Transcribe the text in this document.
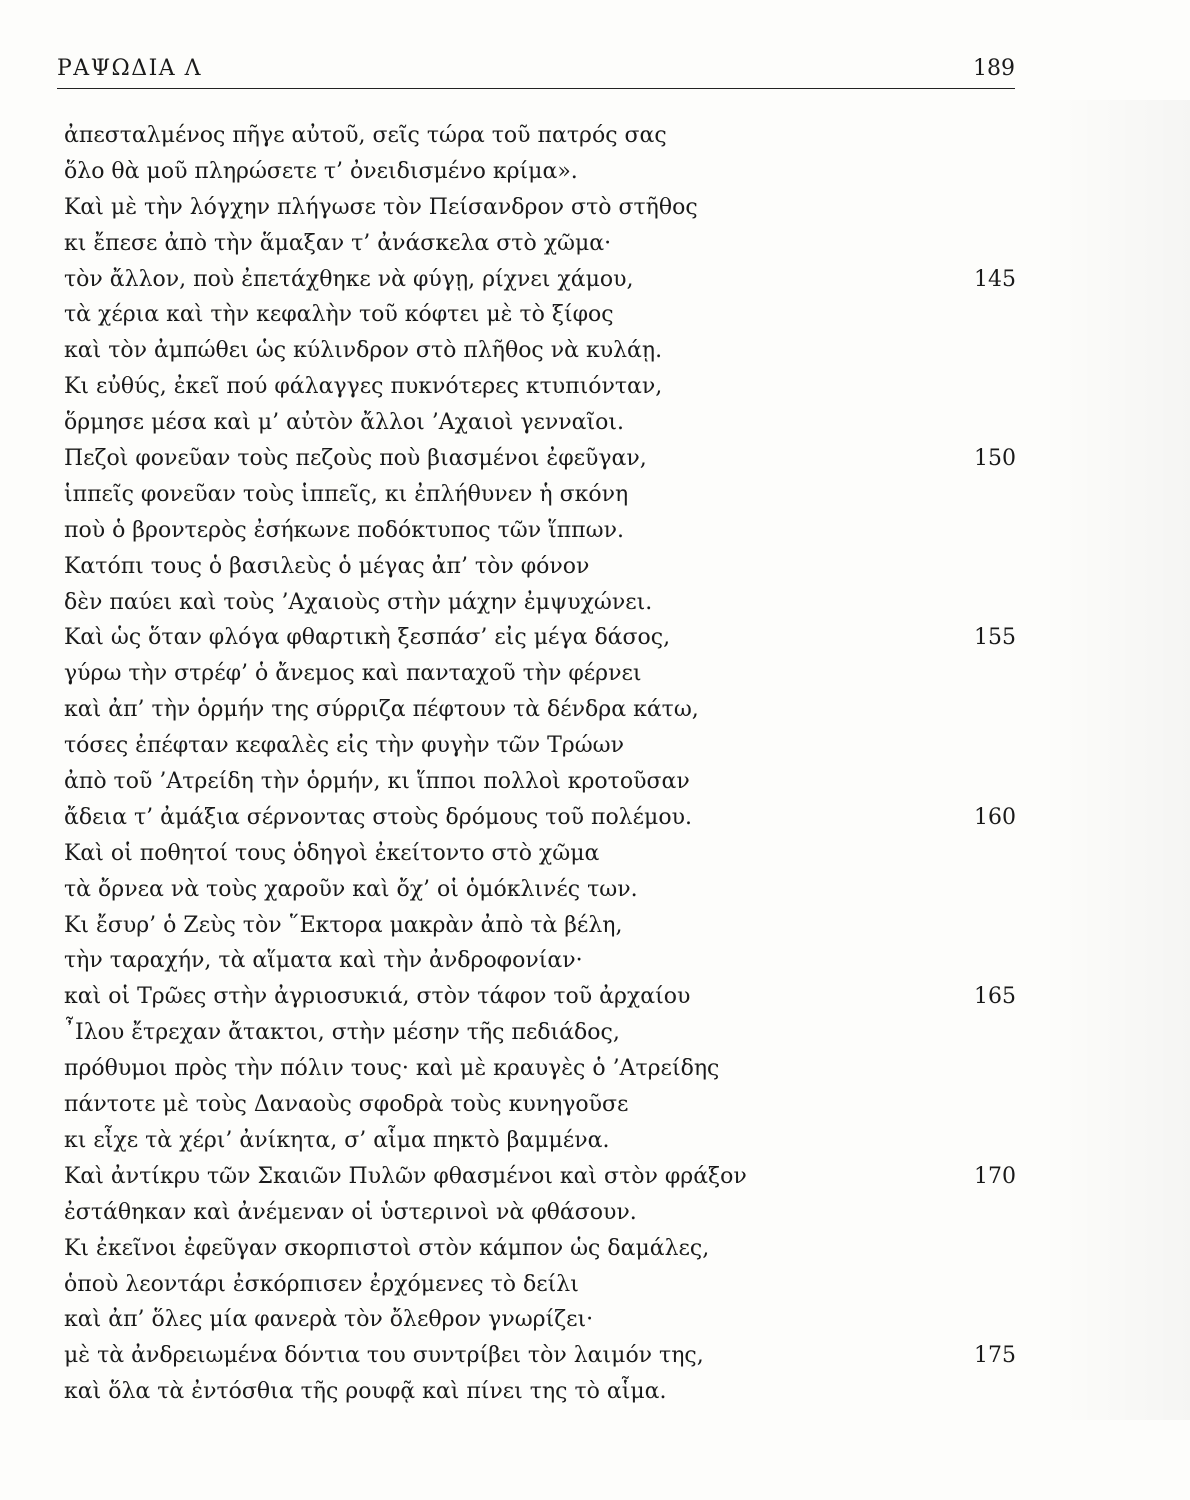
ΡΑΨΩΔΙΑ Λ	189
ἀπεσταλμένος πῆγε αὐτοῦ, σεῖς τώρα τοῦ πατρός σας
ὅλο θὰ μοῦ πληρώσετε τ’ ὀνειδισμένο κρίμα».
Καὶ μὲ τὴν λόγχην πλήγωσε τὸν Πείσανδρον στὸ στῆθος
κι ἔπεσε ἀπὸ τὴν ἅμαξαν τ’ ἀνάσκελα στὸ χῶμα·
τὸν ἄλλον, ποὺ ἐπετάχθηκε νὰ φύγῃ, ρίχνει χάμου,	145
τὰ χέρια καὶ τὴν κεφαλὴν τοῦ κόφτει μὲ τὸ ξίφος
καὶ τὸν ἀμπώθει ὡς κύλινδρον στὸ πλῆθος νὰ κυλάῃ.
Κι εὐθύς, ἐκεῖ πού φάλαγγες πυκνότερες κτυπιόνταν,
ὅρμησε μέσα καὶ μ’ αὐτὸν ἄλλοι ’Αχαιοὶ γενναῖοι.
Πεζοὶ φονεῦαν τοὺς πεζοὺς ποὺ βιασμένοι ἐφεῦγαν,	150
ἱππεῖς φονεῦαν τοὺς ἱππεῖς, κι ἐπλήθυνεν ἡ σκόνη
ποὺ ὁ βροντερὸς ἐσήκωνε ποδόκτυπος τῶν ἵππων.
Κατόπι τους ὁ βασιλεὺς ὁ μέγας ἀπ’ τὸν φόνον
δὲν παύει καὶ τοὺς ’Αχαιοὺς στὴν μάχην ἐμψυχώνει.
Καὶ ὡς ὅταν φλόγα φθαρτικὴ ξεσπάσ’ εἰς μέγα δάσος,	155
γύρω τὴν στρέφ’ ὁ ἄνεμος καὶ πανταχοῦ τὴν φέρνει
καὶ ἀπ’ τὴν ὁρμήν της σύρριζα πέφτουν τὰ δένδρα κάτω,
τόσες ἐπέφταν κεφαλὲς εἰς τὴν φυγὴν τῶν Τρώων
ἀπὸ τοῦ ’Ατρείδη τὴν ὁρμήν, κι ἵπποι πολλοὶ κροτοῦσαν
ἄδεια τ’ ἀμάξια σέρνοντας στοὺς δρόμους τοῦ πολέμου.	160
Καὶ οἱ ποθητοί τους ὁδηγοὶ ἐκείτοντο στὸ χῶμα
τὰ ὄρνεα νὰ τοὺς χαροῦν καὶ ὄχ’ οἱ ὁμόκλινές των.
Κι ἔσυρ’ ὁ Ζεὺς τὸν ῞Εκτορα μακρὰν ἀπὸ τὰ βέλη,
τὴν ταραχήν, τὰ αἵματα καὶ τὴν ἀνδροφονίαν·
καὶ οἱ Τρῶες στὴν ἀγριοσυκιά, στὸν τάφον τοῦ ἀρχαίου	165
῏Ιλου ἔτρεχαν ἄτακτοι, στὴν μέσην τῆς πεδιάδος,
πρόθυμοι πρὸς τὴν πόλιν τους· καὶ μὲ κραυγὲς ὁ ’Ατρείδης
πάντοτε μὲ τοὺς Δαναοὺς σφοδρὰ τοὺς κυνηγοῦσε
κι εἶχε τὰ χέρι’ ἀνίκητα, σ’ αἷμα πηκτὸ βαμμένα.
Καὶ ἀντίκρυ τῶν Σκαιῶν Πυλῶν φθασμένοι καὶ στὸν φράξον	170
ἐστάθηκαν καὶ ἀνέμεναν οἱ ὑστερινοὶ νὰ φθάσουν.
Κι ἐκεῖνοι ἐφεῦγαν σκορπιστοὶ στὸν κάμπον ὡς δαμάλες,
ὁποὺ λεοντάρι ἐσκόρπισεν ἐρχόμενες τὸ δείλι
καὶ ἀπ’ ὅλες μία φανερὰ τὸν ὄλεθρον γνωρίζει·
μὲ τὰ ἀνδρειωμένα δόντια του συντρίβει τὸν λαιμόν της,	175
καὶ ὅλα τὰ ἐντόσθια τῆς ρουφᾷ καὶ πίνει της τὸ αἷμα.
